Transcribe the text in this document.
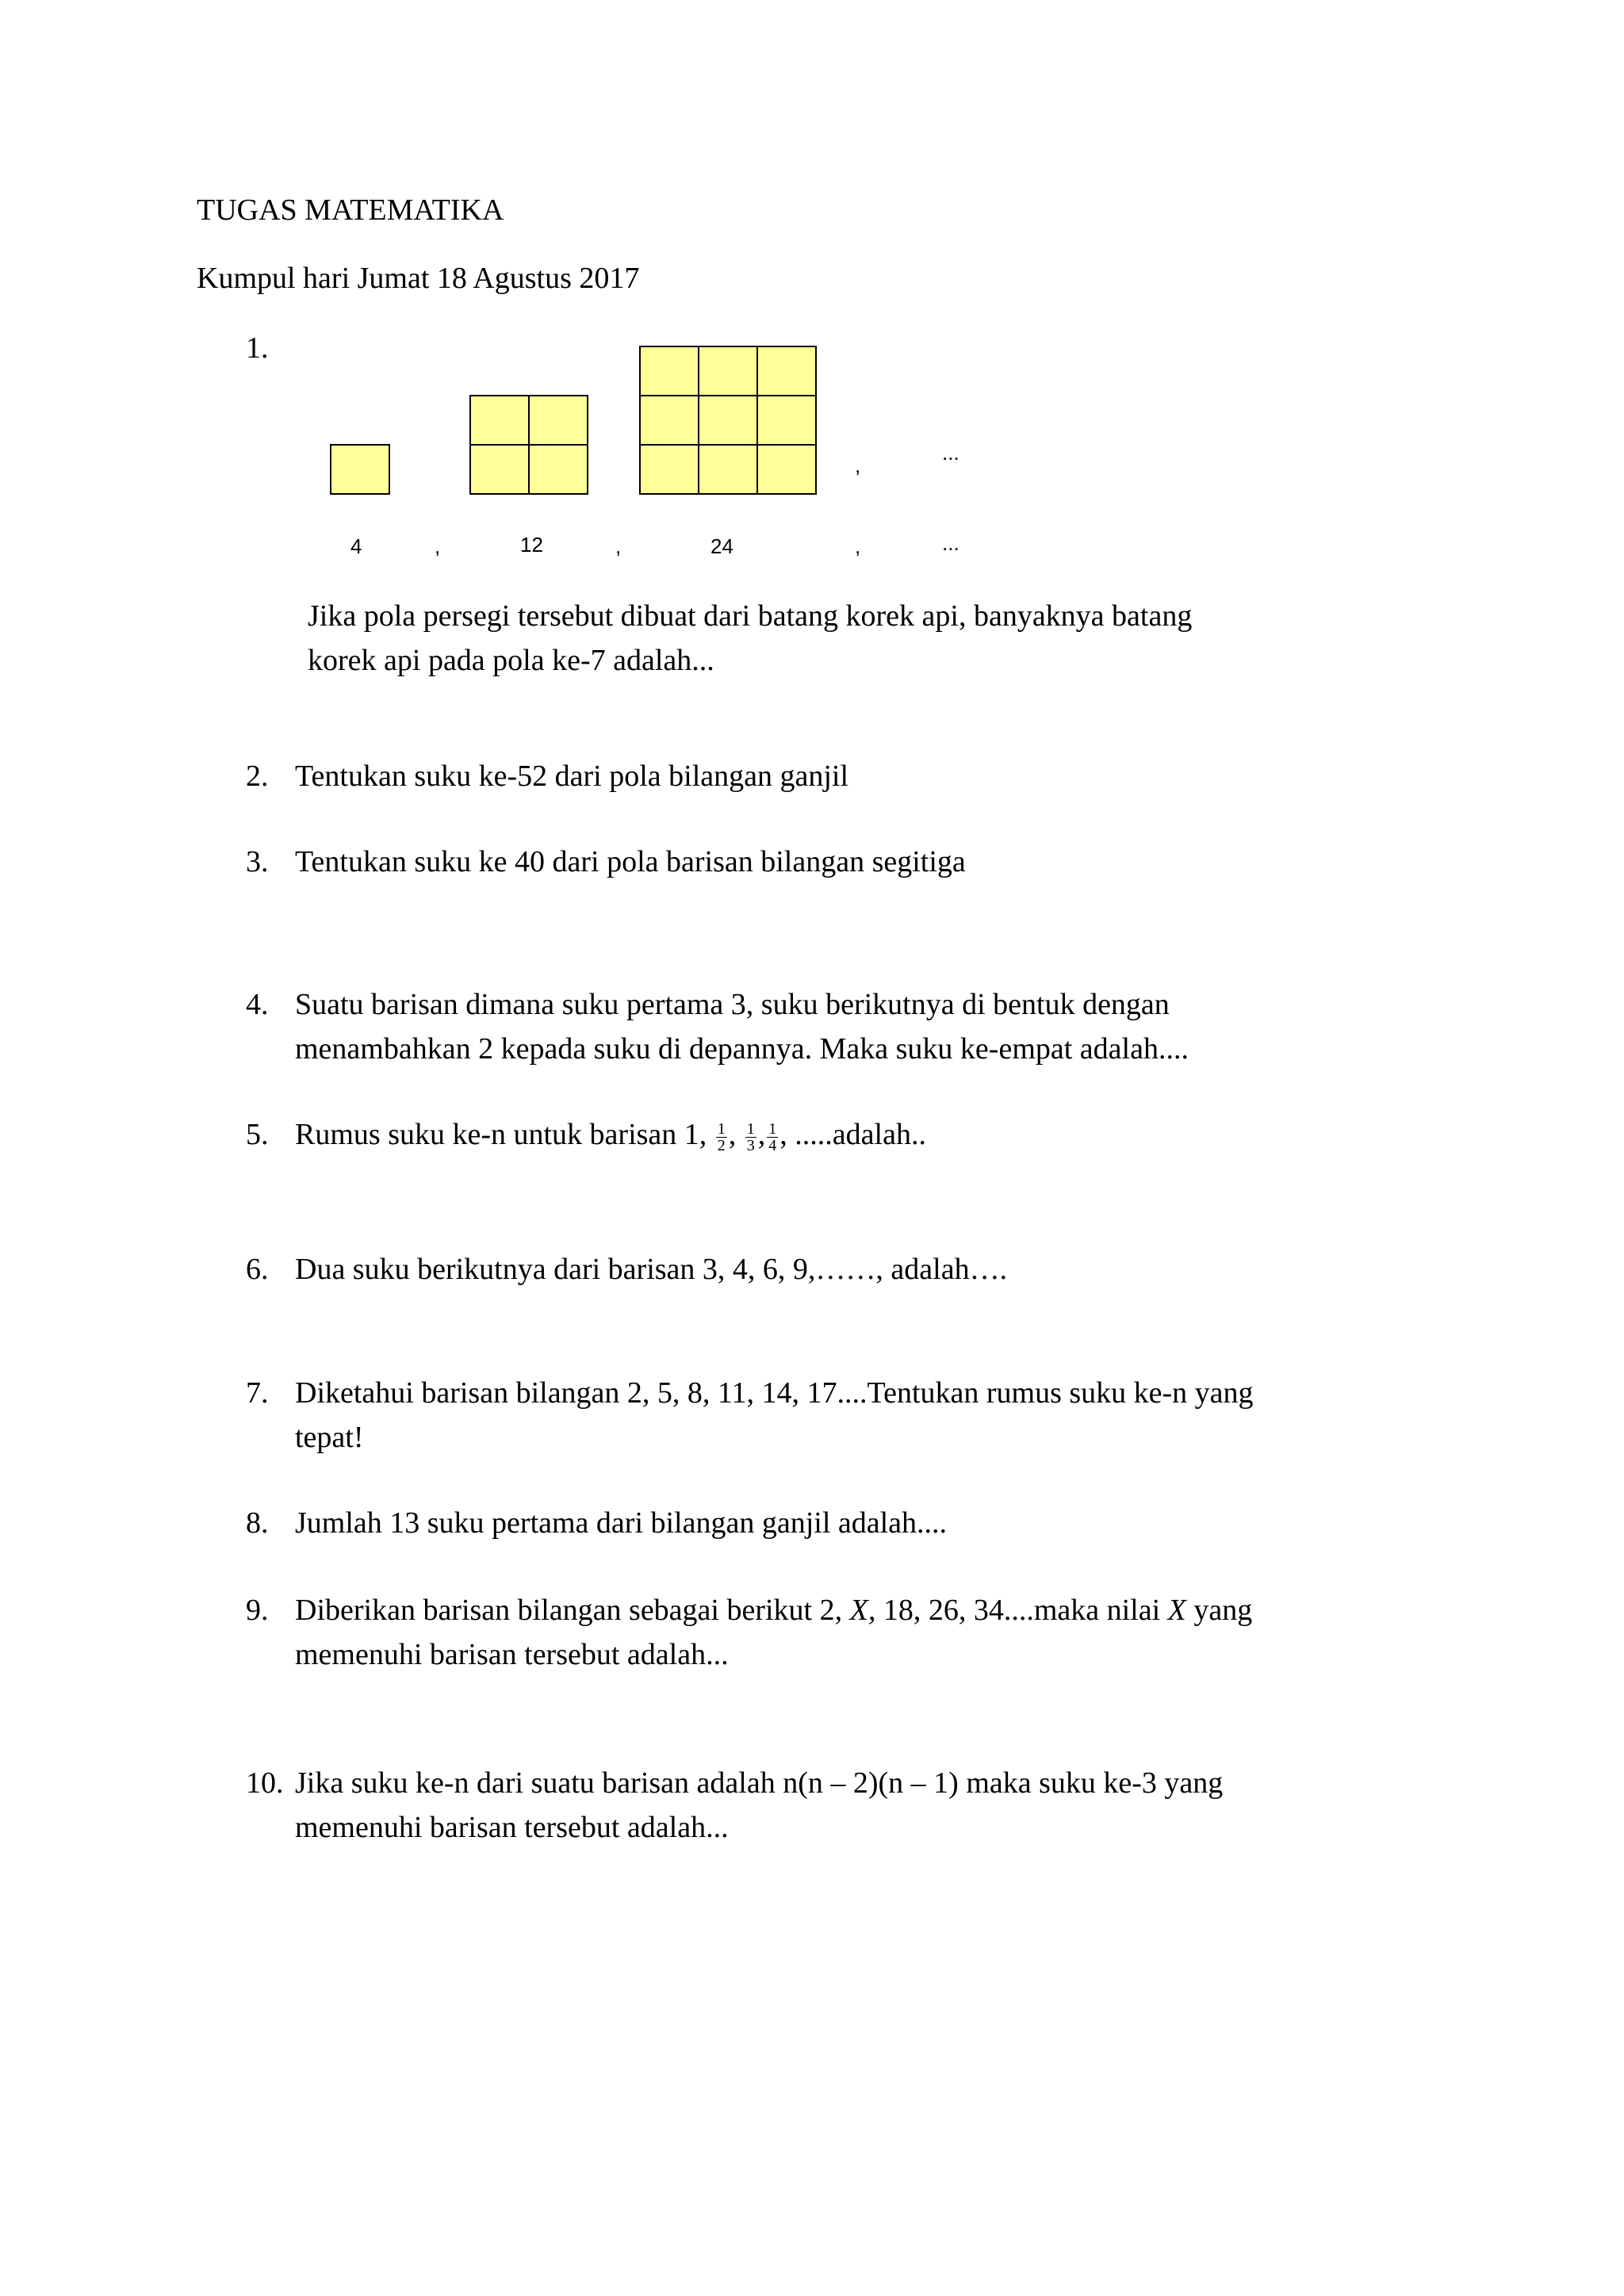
TUGAS MATEMATIKA
Kumpul hari Jumat 18 Agustus 2017
1.
,
...
4	,	12	,	24	,	...
Jika pola persegi tersebut dibuat dari batang korek api, banyaknya batang
korek api pada pola ke-7 adalah...
2. Tentukan suku ke-52 dari pola bilangan ganjil
3. Tentukan suku ke 40 dari pola barisan bilangan segitiga
4. Suatu barisan dimana suku pertama 3, suku berikutnya di bentuk dengan
menambahkan 2 kepada suku di depannya. Maka suku ke-empat adalah....
5. Rumus suku ke-n untuk barisan 1, $\frac{1}{2}$ , $\frac{1}{3}$ , $\frac{1}{4}$ , .....adalah..
6. Dua suku berikutnya dari barisan 3, 4, 6, 9,……, adalah….
7. Diketahui barisan bilangan 2, 5, 8, 11, 14, 17....Tentukan rumus suku ke-n yang
tepat!
8. Jumlah 13 suku pertama dari bilangan ganjil adalah....
9. Diberikan barisan bilangan sebagai berikut 2, X, 18, 26, 34....maka nilai X yang
memenuhi barisan tersebut adalah...
10. Jika suku ke-n dari suatu barisan adalah n(n – 2)(n – 1) maka suku ke-3 yang
memenuhi barisan tersebut adalah...
